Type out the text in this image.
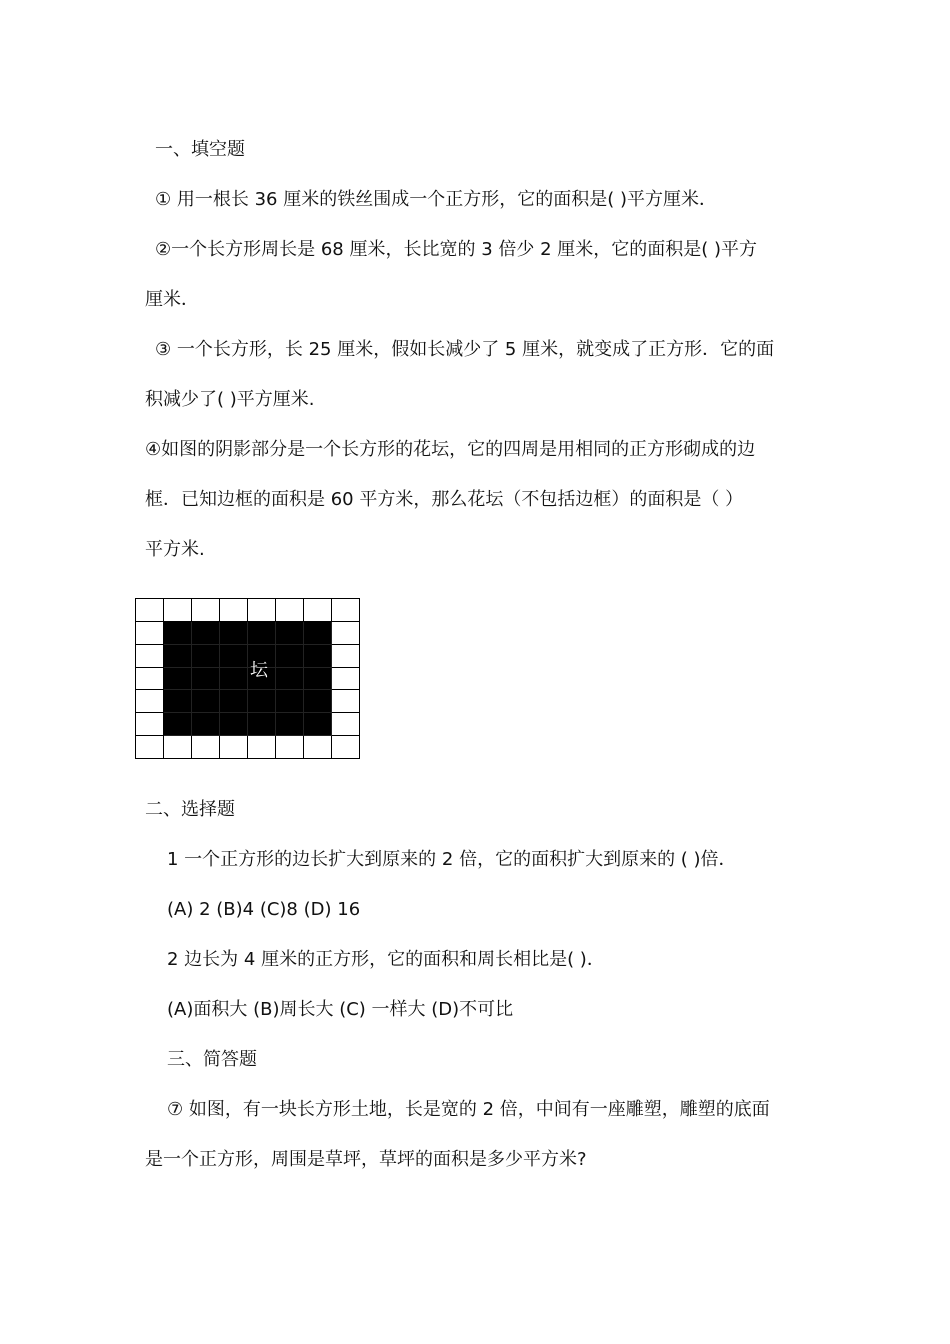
一、填空题
① 用一根长 36 厘米的铁丝围成一个正方形，它的面积是( )平方厘米．
②一个长方形周长是 68 厘米，长比宽的 3 倍少 2 厘米，它的面积是( )平方
厘米．
③ 一个长方形，长 25 厘米，假如长减少了 5 厘米，就变成了正方形．它的面
积减少了( )平方厘米.
④如图的阴影部分是一个长方形的花坛，它的四周是用相同的正方形砌成的边
框．已知边框的面积是 60 平方米，那么花坛（不包括边框）的面积是（ ）
平方米.
坛
二、选择题
1 一个正方形的边长扩大到原来的 2 倍，它的面积扩大到原来的 ( )倍．
(A) 2 (B)4 (C)8 (D) 16
2 边长为 4 厘米的正方形，它的面积和周长相比是( )．
(A)面积大 (B)周长大 (C) 一样大 (D)不可比
三、简答题
⑦ 如图，有一块长方形土地，长是宽的 2 倍，中间有一座雕塑，雕塑的底面
是一个正方形，周围是草坪，草坪的面积是多少平方米?
